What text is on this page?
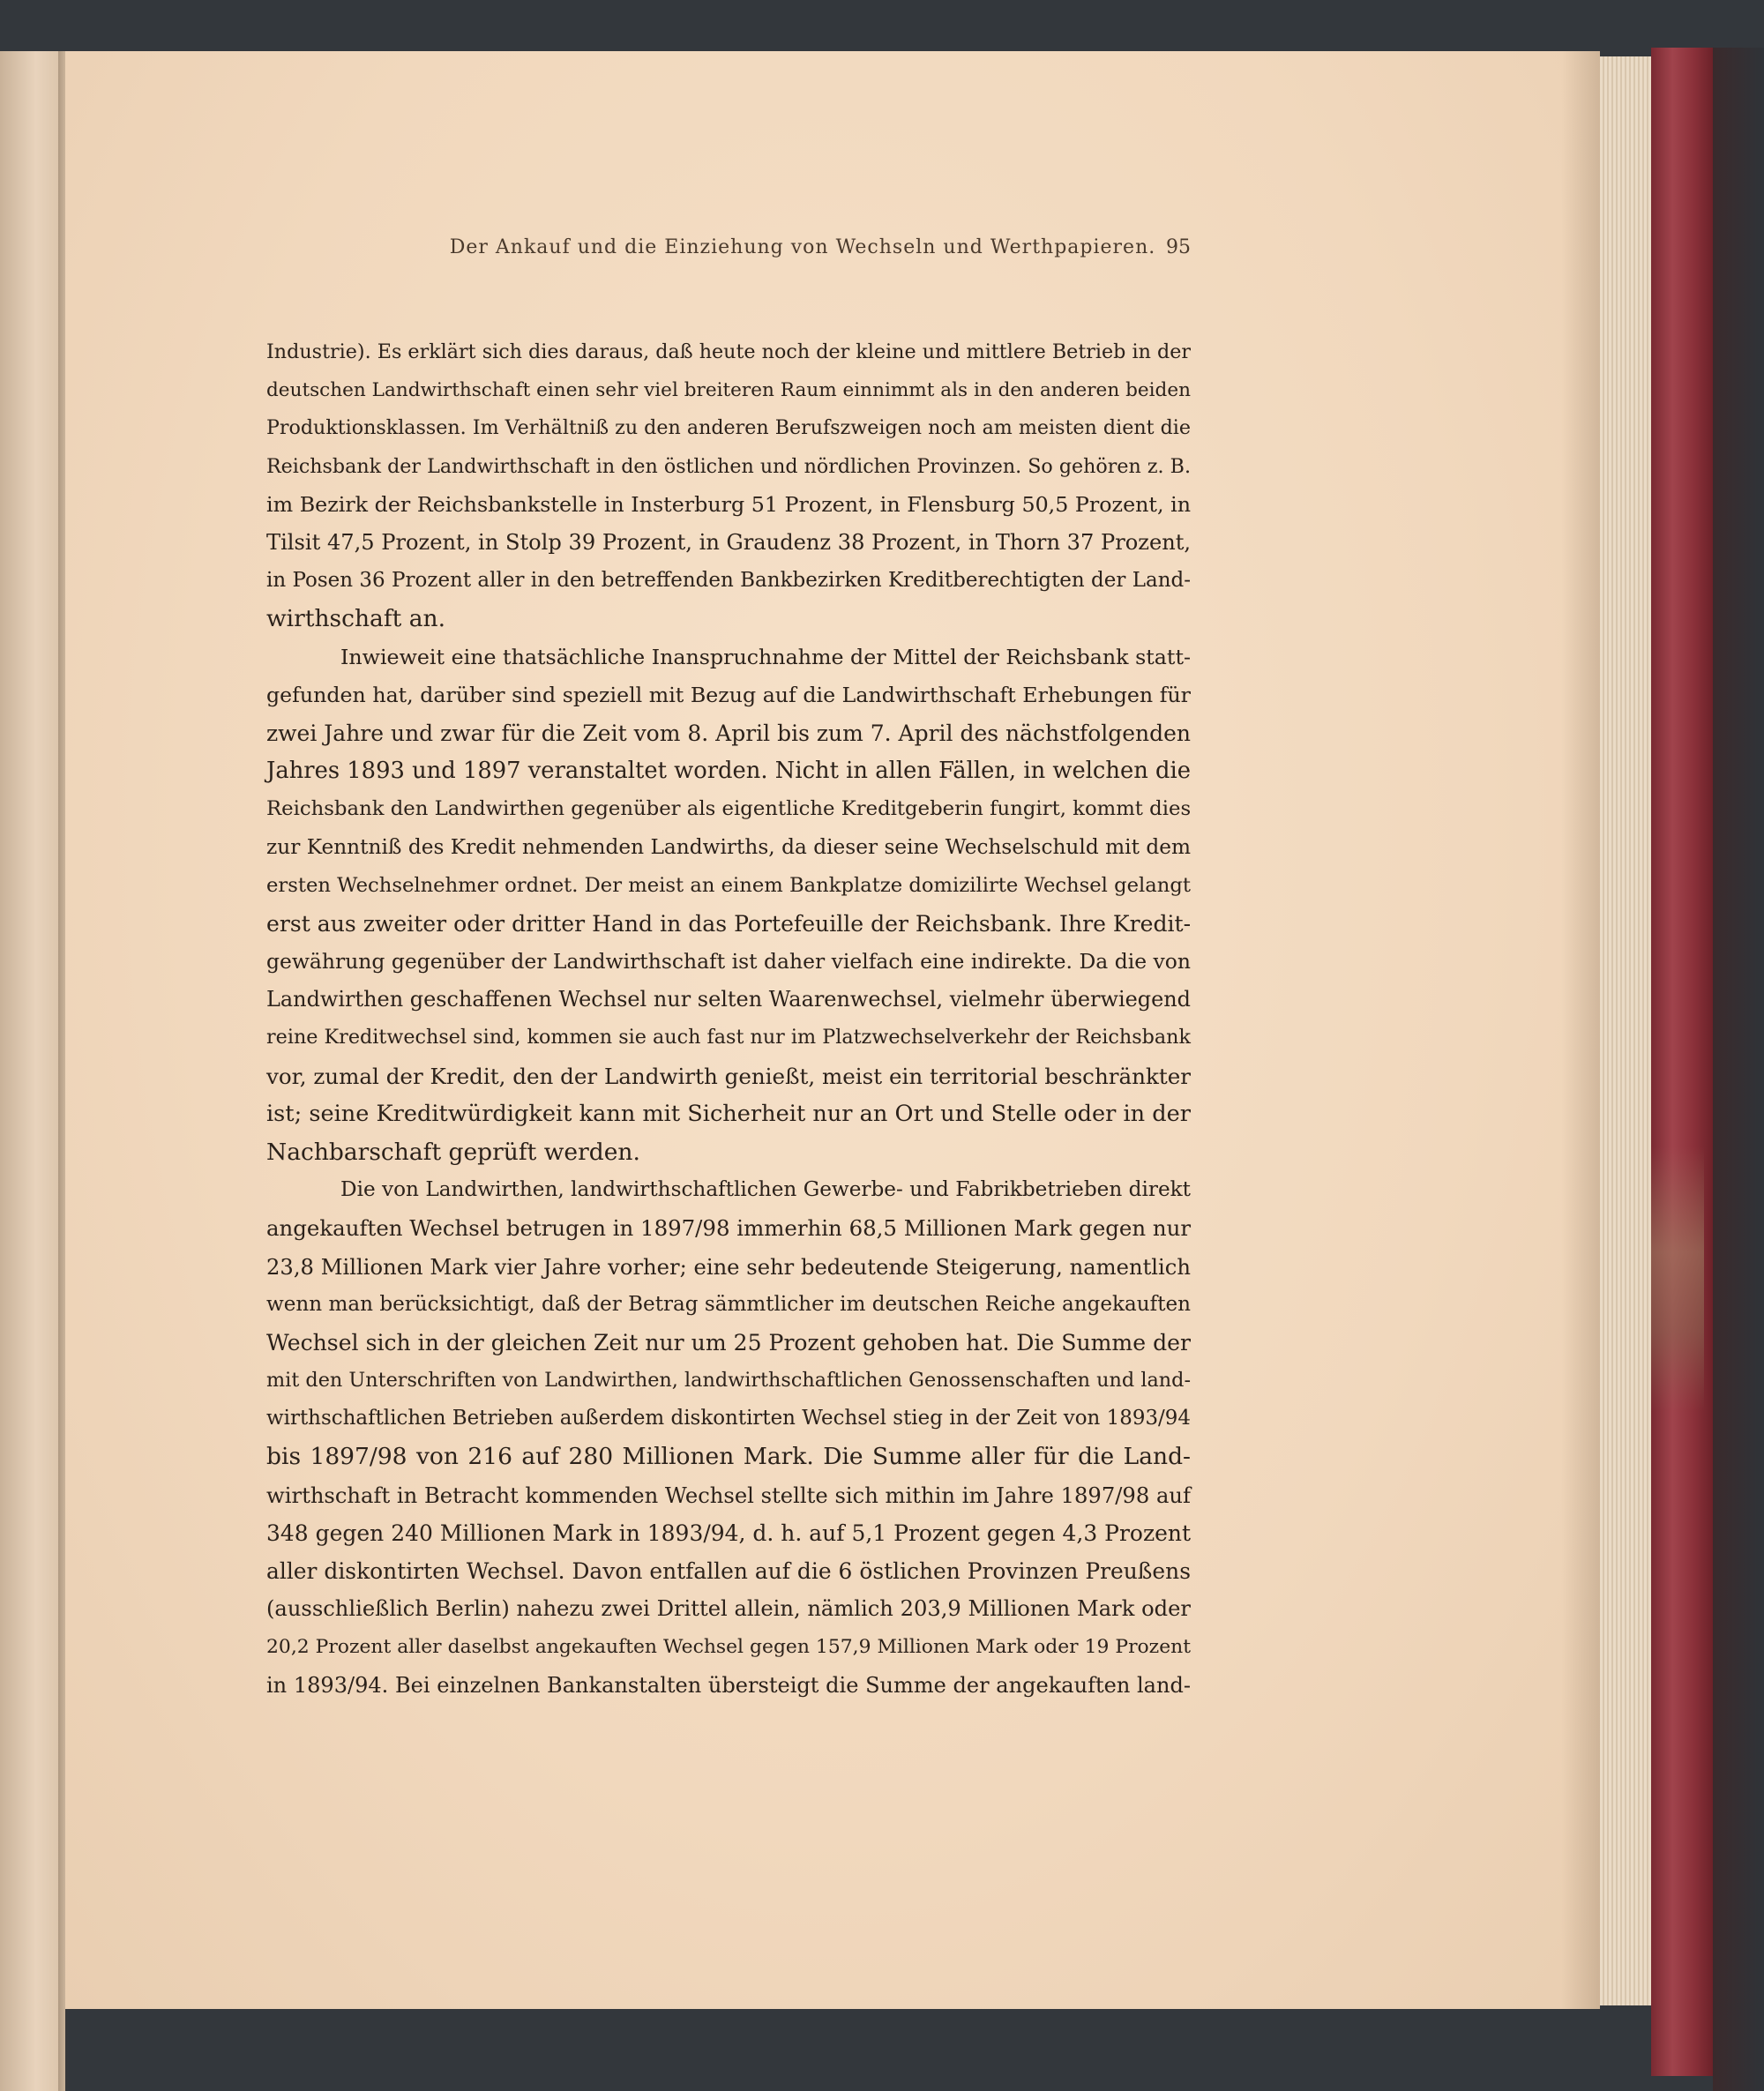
Der Ankauf und die Einziehung von Wechseln und Werthpapieren. 95
Industrie). Es erklärt sich dies daraus, daß heute noch der kleine und mittlere Betrieb in der
deutschen Landwirthschaft einen sehr viel breiteren Raum einnimmt als in den anderen beiden
Produktionsklassen. Im Verhältniß zu den anderen Berufszweigen noch am meisten dient die
Reichsbank der Landwirthschaft in den östlichen und nördlichen Provinzen. So gehören z. B.
im Bezirk der Reichsbankstelle in Insterburg 51 Prozent, in Flensburg 50,5 Prozent, in
Tilsit 47,5 Prozent, in Stolp 39 Prozent, in Graudenz 38 Prozent, in Thorn 37 Prozent,
in Posen 36 Prozent aller in den betreffenden Bankbezirken Kreditberechtigten der Land-
wirthschaft an.
Inwieweit eine thatsächliche Inanspruchnahme der Mittel der Reichsbank statt-
gefunden hat, darüber sind speziell mit Bezug auf die Landwirthschaft Erhebungen für
zwei Jahre und zwar für die Zeit vom 8. April bis zum 7. April des nächstfolgenden
Jahres 1893 und 1897 veranstaltet worden. Nicht in allen Fällen, in welchen die
Reichsbank den Landwirthen gegenüber als eigentliche Kreditgeberin fungirt, kommt dies
zur Kenntniß des Kredit nehmenden Landwirths, da dieser seine Wechselschuld mit dem
ersten Wechselnehmer ordnet. Der meist an einem Bankplatze domizilirte Wechsel gelangt
erst aus zweiter oder dritter Hand in das Portefeuille der Reichsbank. Ihre Kredit-
gewährung gegenüber der Landwirthschaft ist daher vielfach eine indirekte. Da die von
Landwirthen geschaffenen Wechsel nur selten Waarenwechsel, vielmehr überwiegend
reine Kreditwechsel sind, kommen sie auch fast nur im Platzwechselverkehr der Reichsbank
vor, zumal der Kredit, den der Landwirth genießt, meist ein territorial beschränkter
ist; seine Kreditwürdigkeit kann mit Sicherheit nur an Ort und Stelle oder in der
Nachbarschaft geprüft werden.
Die von Landwirthen, landwirthschaftlichen Gewerbe- und Fabrikbetrieben direkt
angekauften Wechsel betrugen in 1897/98 immerhin 68,5 Millionen Mark gegen nur
23,8 Millionen Mark vier Jahre vorher; eine sehr bedeutende Steigerung, namentlich
wenn man berücksichtigt, daß der Betrag sämmtlicher im deutschen Reiche angekauften
Wechsel sich in der gleichen Zeit nur um 25 Prozent gehoben hat. Die Summe der
mit den Unterschriften von Landwirthen, landwirthschaftlichen Genossenschaften und land-
wirthschaftlichen Betrieben außerdem diskontirten Wechsel stieg in der Zeit von 1893/94
bis 1897/98 von 216 auf 280 Millionen Mark. Die Summe aller für die Land-
wirthschaft in Betracht kommenden Wechsel stellte sich mithin im Jahre 1897/98 auf
348 gegen 240 Millionen Mark in 1893/94, d. h. auf 5,1 Prozent gegen 4,3 Prozent
aller diskontirten Wechsel. Davon entfallen auf die 6 östlichen Provinzen Preußens
(ausschließlich Berlin) nahezu zwei Drittel allein, nämlich 203,9 Millionen Mark oder
20,2 Prozent aller daselbst angekauften Wechsel gegen 157,9 Millionen Mark oder 19 Prozent
in 1893/94. Bei einzelnen Bankanstalten übersteigt die Summe der angekauften land-
